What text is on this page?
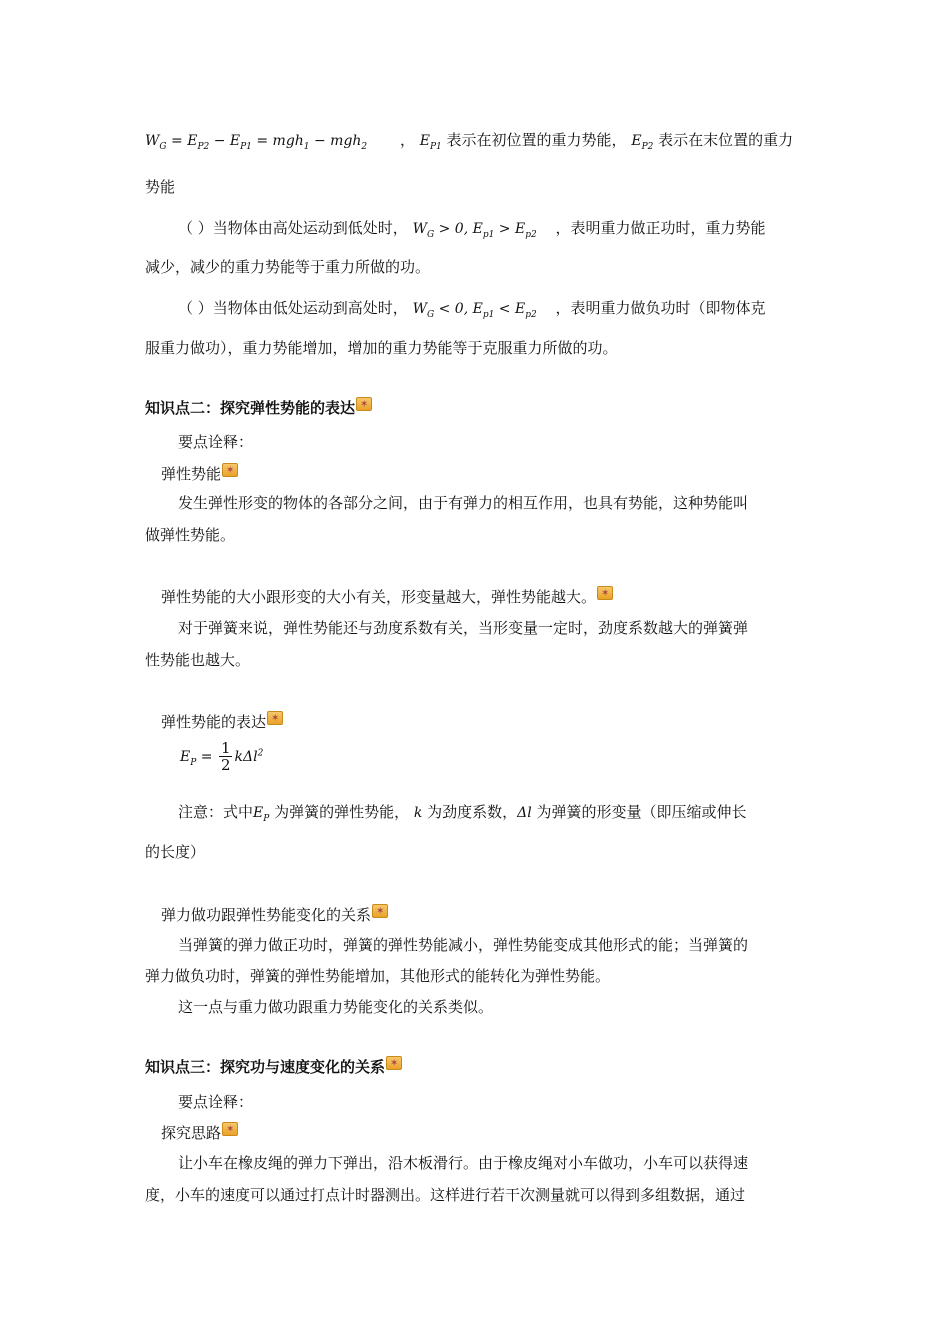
$W_G = E_{P2} - E_{P1} = mgh_1 - mgh_2$ ， $E_{P1}$ 表示在初位置的重力势能， $E_{P2}$ 表示在末位置的重力
势能
（ ）当物体由高处运动到低处时， $W_G > 0$, $E_{p1} > E_{p2}$ ，表明重力做正功时，重力势能
减少，减少的重力势能等于重力所做的功。
（ ）当物体由低处运动到高处时， $W_G < 0$, $E_{p1} < E_{p2}$ ，表明重力做负功时（即物体克
服重力做功），重力势能增加，增加的重力势能等于克服重力所做的功。
知识点二：探究弹性势能的表达✶
要点诠释：
弹性势能✶
发生弹性形变的物体的各部分之间，由于有弹力的相互作用，也具有势能，这种势能叫
做弹性势能。
弹性势能的大小跟形变的大小有关，形变量越大，弹性势能越大。✶
对于弹簧来说，弹性势能还与劲度系数有关，当形变量一定时，劲度系数越大的弹簧弹
性势能也越大。
弹性势能的表达✶
$E_P = \frac{1}{2} k\Delta l^2$
注意：式中$E_P$ 为弹簧的弹性势能， k 为劲度系数，Δl 为弹簧的形变量（即压缩或伸长
的长度）
弹力做功跟弹性势能变化的关系✶
当弹簧的弹力做正功时，弹簧的弹性势能减小，弹性势能变成其他形式的能；当弹簧的
弹力做负功时，弹簧的弹性势能增加，其他形式的能转化为弹性势能。
这一点与重力做功跟重力势能变化的关系类似。
知识点三：探究功与速度变化的关系✶
要点诠释：
探究思路✶
让小车在橡皮绳的弹力下弹出，沿木板滑行。由于橡皮绳对小车做功，小车可以获得速
度，小车的速度可以通过打点计时器测出。这样进行若干次测量就可以得到多组数据，通过
